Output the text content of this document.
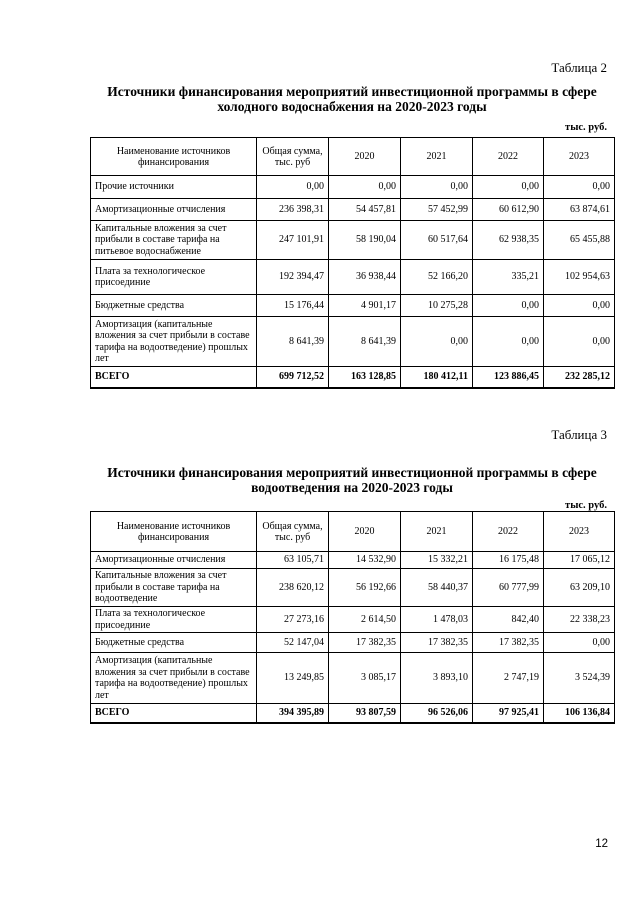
Таблица 2
Источники финансирования мероприятий инвестиционной программы в сфере
холодного водоснабжения на 2020-2023 годы
тыс. руб.
Наименование источников финансирования	Общая сумма, тыс. руб	2020	2021	2022	2023
Прочие источники	0,00	0,00	0,00	0,00	0,00
Амортизационные отчисления	236 398,31	54 457,81	57 452,99	60 612,90	63 874,61
Капитальные вложения за счет прибыли в составе тарифа на питьевое водоснабжение	247 101,91	58 190,04	60 517,64	62 938,35	65 455,88
Плата за технологическое присоединие	192 394,47	36 938,44	52 166,20	335,21	102 954,63
Бюджетные средства	15 176,44	4 901,17	10 275,28	0,00	0,00
Амортизация (капитальные вложения за счет прибыли в составе тарифа на водоотведение) прошлых лет	8 641,39	8 641,39	0,00	0,00	0,00
ВСЕГО	699 712,52	163 128,85	180 412,11	123 886,45	232 285,12
Таблица 3
Источники финансирования мероприятий инвестиционной программы в сфере
водоотведения на 2020-2023 годы
тыс. руб.
Наименование источников финансирования	Общая сумма, тыс. руб	2020	2021	2022	2023
Амортизационные отчисления	63 105,71	14 532,90	15 332,21	16 175,48	17 065,12
Капитальные вложения за счет прибыли в составе тарифа на водоотведение	238 620,12	56 192,66	58 440,37	60 777,99	63 209,10
Плата за технологическое присоединие	27 273,16	2 614,50	1 478,03	842,40	22 338,23
Бюджетные средства	52 147,04	17 382,35	17 382,35	17 382,35	0,00
Амортизация (капитальные вложения за счет прибыли в составе тарифа на водоотведение) прошлых лет	13 249,85	3 085,17	3 893,10	2 747,19	3 524,39
ВСЕГО	394 395,89	93 807,59	96 526,06	97 925,41	106 136,84
12
